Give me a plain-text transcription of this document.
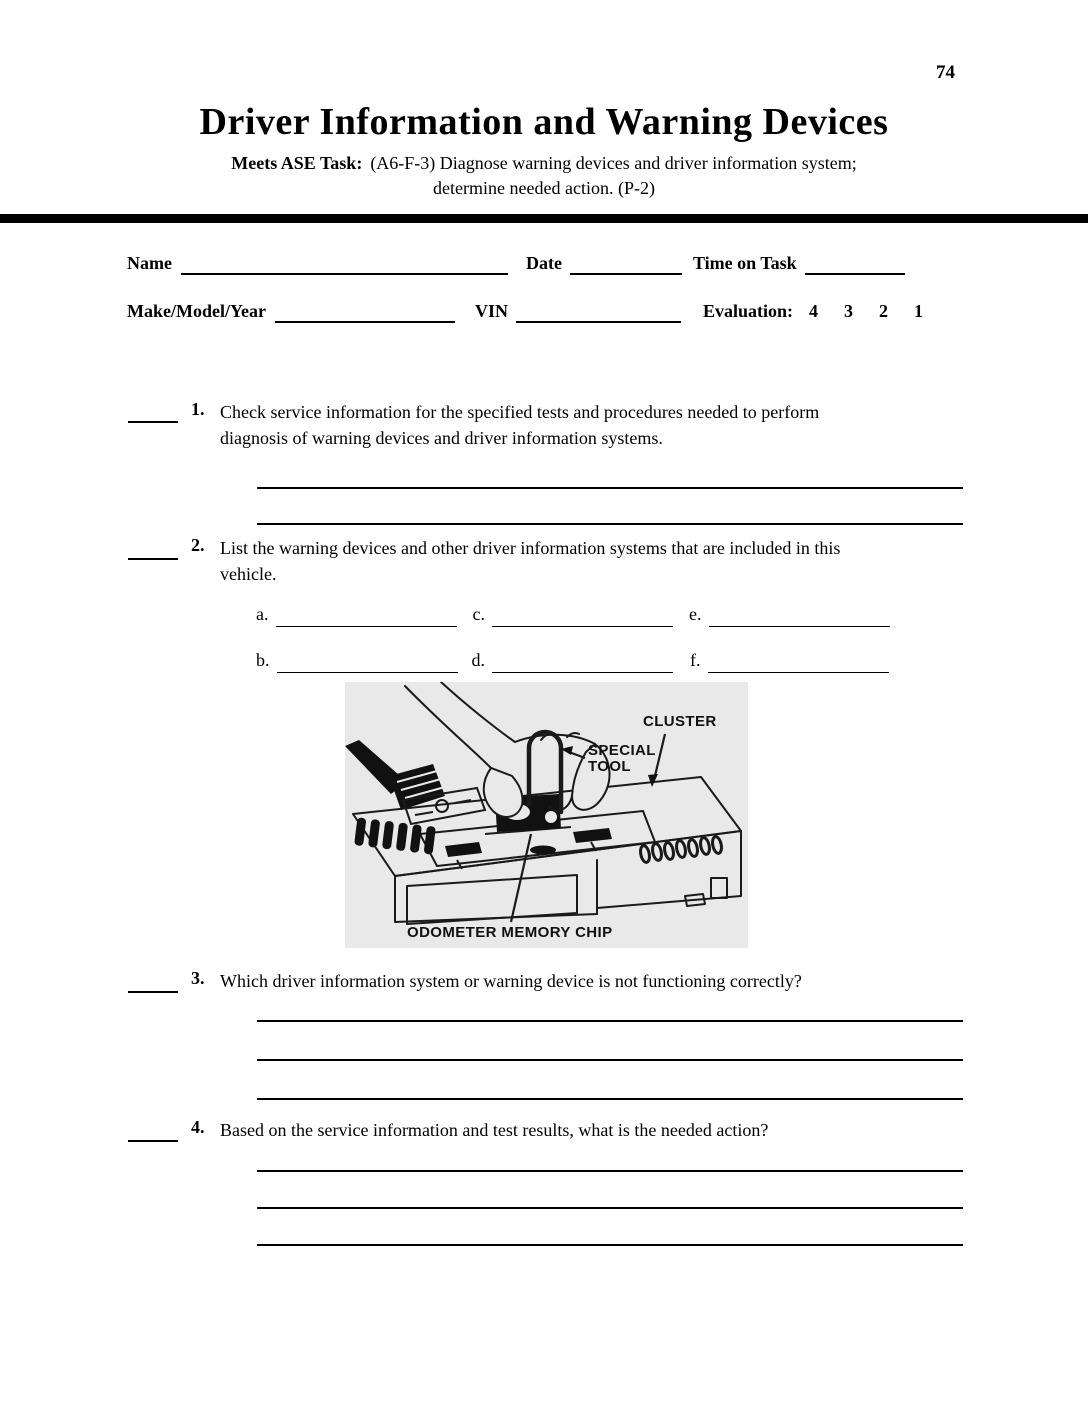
74
Driver Information and Warning Devices
Meets ASE Task: (A6-F-3) Diagnose warning devices and driver information system;
determine needed action. (P-2)
Name	Date	Time on Task
Make/Model/Year	VIN	Evaluation: 4 3 2 1
1. Check service information for the specified tests and procedures needed to perform
diagnosis of warning devices and driver information systems.
2. List the warning devices and other driver information systems that are included in this
vehicle.
a.	c.	e.
b.	d.	f.
CLUSTER
SPECIAL TOOL
ODOMETER MEMORY CHIP
3. Which driver information system or warning device is not functioning correctly?
4. Based on the service information and test results, what is the needed action?
